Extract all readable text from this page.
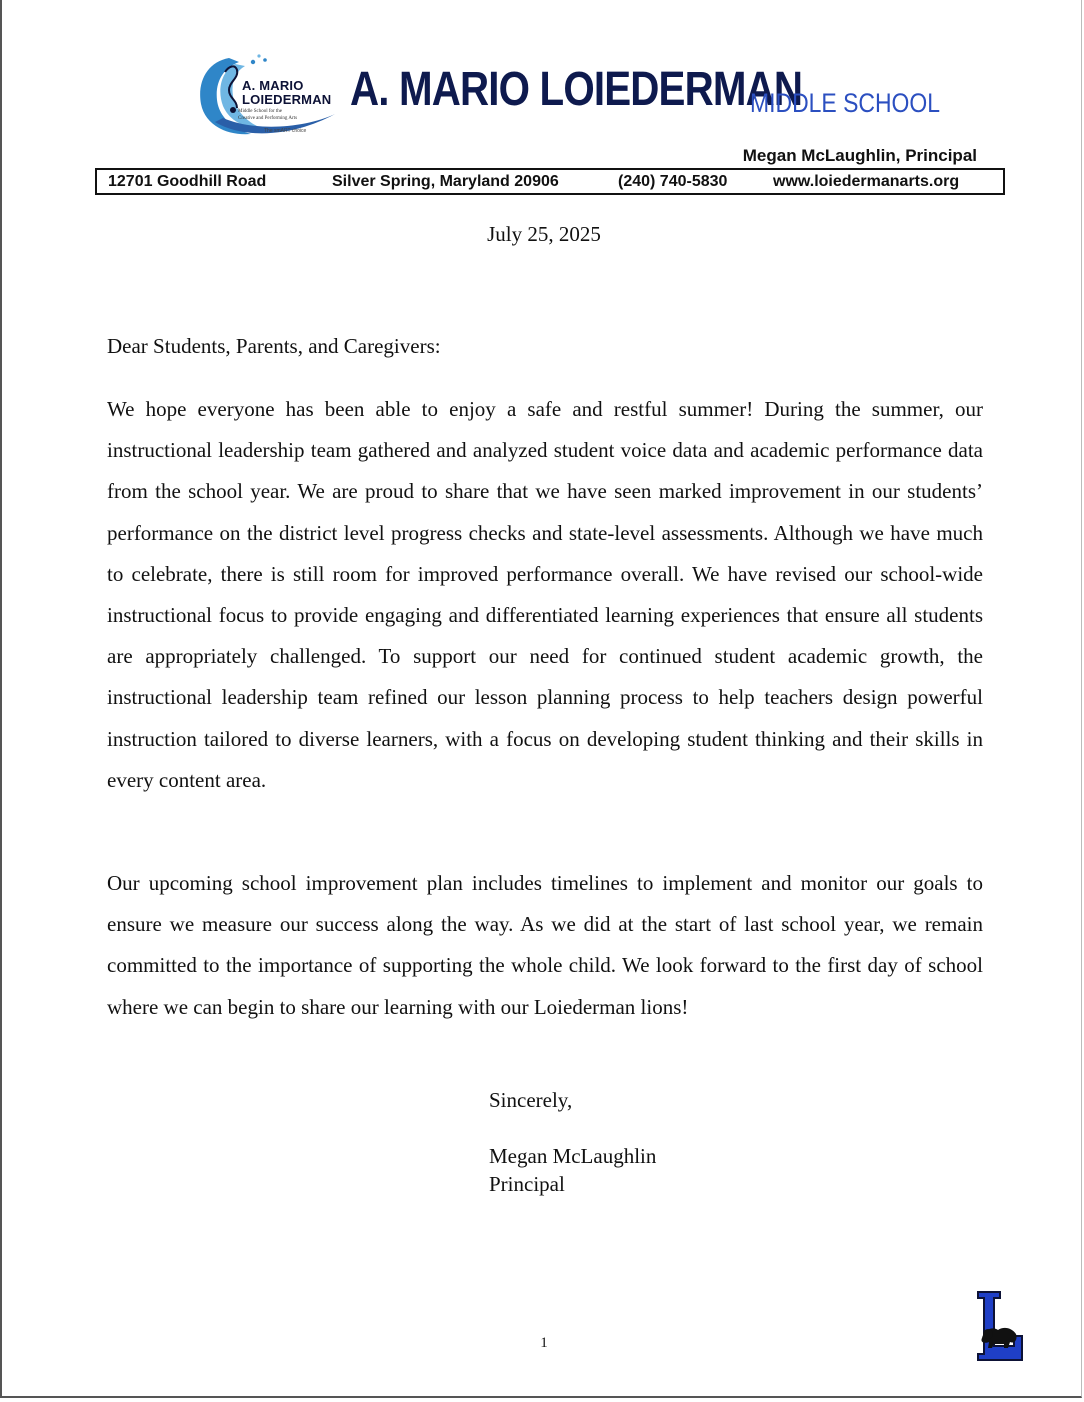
A. MARIO
LOIEDERMAN
Middle School for the
Creative and Performing Arts
The smART choice
A. MARIO LOIEDERMAN
MIDDLE SCHOOL
Megan McLaughlin, Principal
12701 Goodhill Road	Silver Spring, Maryland 20906	(240) 740-5830	www.loiedermanarts.org
July 25, 2025
Dear Students, Parents, and Caregivers:

We hope everyone has been able to enjoy a safe and restful summer! During the summer, our instructional leadership team gathered and analyzed student voice data and academic performance data from the school year. We are proud to share that we have seen marked improvement in our students’ performance on the district level progress checks and state-level assessments. Although we have much to celebrate, there is still room for improved performance overall. We have revised our school-wide instructional focus to provide engaging and differentiated learning experiences that ensure all students are appropriately challenged. To support our need for continued student academic growth, the instructional leadership team refined our lesson planning process to help teachers design powerful instruction tailored to diverse learners, with a focus on developing student thinking and their skills in every content area.

Our upcoming school improvement plan includes timelines to implement and monitor our goals to ensure we measure our success along the way. As we did at the start of last school year, we remain committed to the importance of supporting the whole child. We look forward to the first day of school where we can begin to share our learning with our Loiederman lions!

Sincerely,
Megan McLaughlin
Principal
1
